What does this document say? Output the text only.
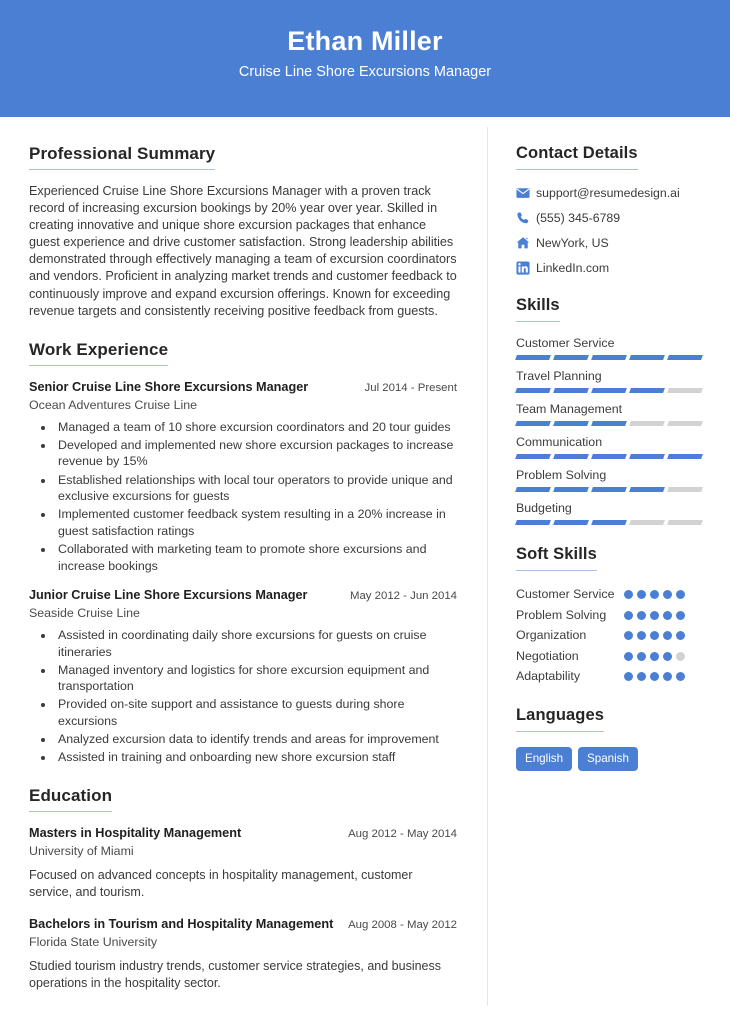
Ethan Miller
Cruise Line Shore Excursions Manager
Professional Summary
Experienced Cruise Line Shore Excursions Manager with a proven track record of increasing excursion bookings by 20% year over year. Skilled in creating innovative and unique shore excursion packages that enhance guest experience and drive customer satisfaction. Strong leadership abilities demonstrated through effectively managing a team of excursion coordinators and vendors. Proficient in analyzing market trends and customer feedback to continuously improve and expand excursion offerings. Known for exceeding revenue targets and consistently receiving positive feedback from guests.
Work Experience
Senior Cruise Line Shore Excursions Manager	Jul 2014 - Present
Ocean Adventures Cruise Line
• Managed a team of 10 shore excursion coordinators and 20 tour guides
• Developed and implemented new shore excursion packages to increase revenue by 15%
• Established relationships with local tour operators to provide unique and exclusive excursions for guests
• Implemented customer feedback system resulting in a 20% increase in guest satisfaction ratings
• Collaborated with marketing team to promote shore excursions and increase bookings
Junior Cruise Line Shore Excursions Manager	May 2012 - Jun 2014
Seaside Cruise Line
• Assisted in coordinating daily shore excursions for guests on cruise itineraries
• Managed inventory and logistics for shore excursion equipment and transportation
• Provided on-site support and assistance to guests during shore excursions
• Analyzed excursion data to identify trends and areas for improvement
• Assisted in training and onboarding new shore excursion staff
Education
Masters in Hospitality Management	Aug 2012 - May 2014
University of Miami
Focused on advanced concepts in hospitality management, customer service, and tourism.
Bachelors in Tourism and Hospitality Management	Aug 2008 - May 2012
Florida State University
Studied tourism industry trends, customer service strategies, and business operations in the hospitality sector.
Contact Details
support@resumedesign.ai
(555) 345-6789
NewYork, US
LinkedIn.com
Skills
Customer Service
Travel Planning
Team Management
Communication
Problem Solving
Budgeting
Soft Skills
Customer Service
Problem Solving
Organization
Negotiation
Adaptability
Languages
English	Spanish
